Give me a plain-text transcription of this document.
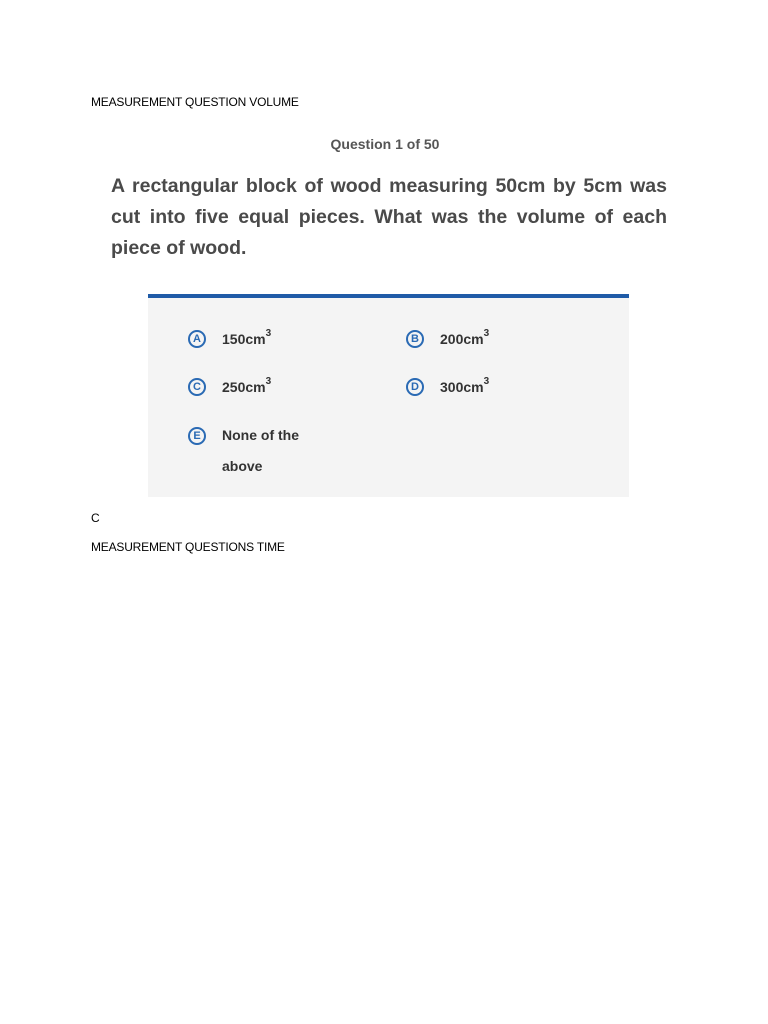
MEASUREMENT QUESTION VOLUME
Question 1 of 50
A rectangular block of wood measuring 50cm by 5cm was cut into five equal pieces. What was the volume of each piece of wood.
A	$150cm^3$	B	$200cm^3$
C	$250cm^3$	D	$300cm^3$
E	None of the above
C
MEASUREMENT QUESTIONS TIME
